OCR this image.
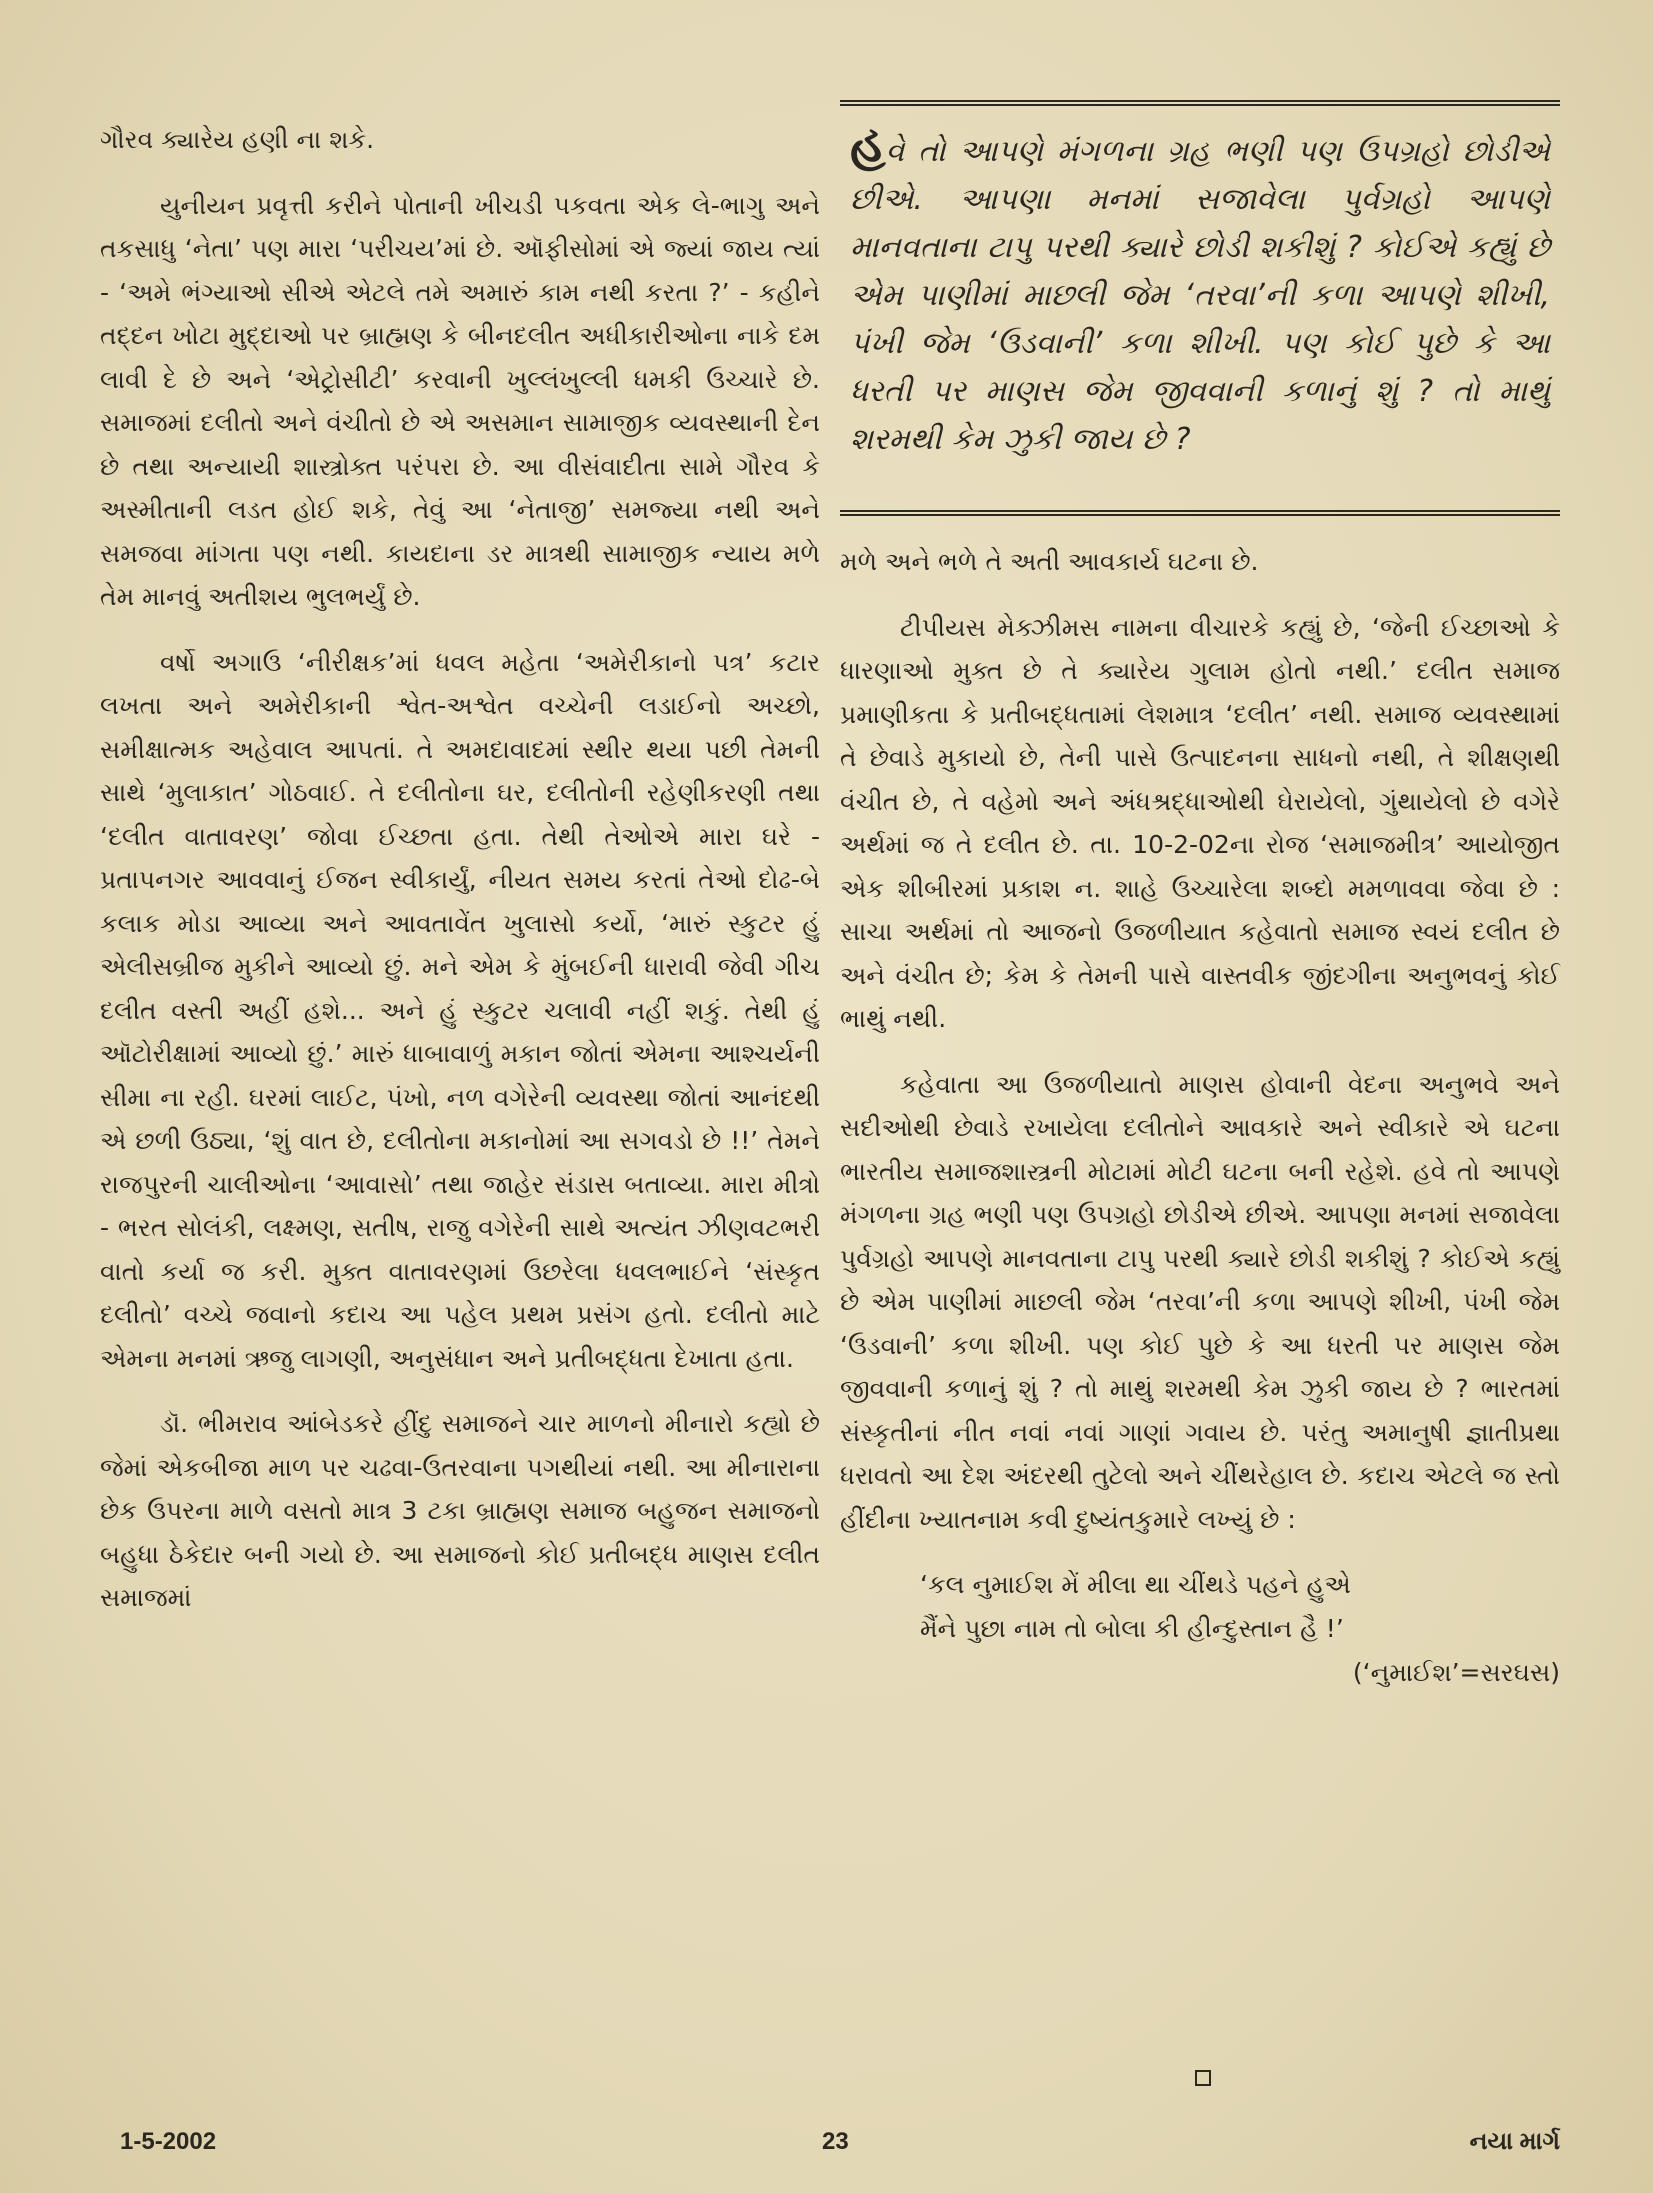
ગૌરવ ક્યારેય હણી ના શકે.

યુનીયન પ્રવૃત્તી કરીને પોતાની ખીચડી પકવતા એક લે-ભાગુ અને તકસાધુ ‘નેતા’ પણ મારા ‘પરીચય’માં છે. ઑફીસોમાં એ જ્યાં જાય ત્યાં - ‘અમે ભંગ્યાઓ સીએ એટલે તમે અમારું કામ નથી કરતા ?’ - કહીને તદ્દન ખોટા મુદ્દાઓ પર બ્રાહ્મણ કે બીનદલીત અધીકારીઓના નાકે દમ લાવી દે છે અને ‘એટ્રોસીટી’ કરવાની ખુલ્લંખુલ્લી ધમકી ઉચ્ચારે છે. સમાજમાં દલીતો અને વંચીતો છે એ અસમાન સામાજીક વ્યવસ્થાની દેન છે તથા અન્યાયી શાસ્ત્રોક્ત પરંપરા છે. આ વીસંવાદીતા સામે ગૌરવ કે અસ્મીતાની લડત હોઈ શકે, તેવું આ ‘નેતાજી’ સમજ્યા નથી અને સમજવા માંગતા પણ નથી. કાયદાના ડર માત્રથી સામાજીક ન્યાય મળે તેમ માનવું અતીશય ભુલભર્યું છે.

વર્ષો અગાઉ ‘નીરીક્ષક’માં ધવલ મહેતા ‘અમેરીકાનો પત્ર’ કટાર લખતા અને અમેરીકાની શ્વેત-અશ્વેત વચ્ચેની લડાઈનો અચ્છો, સમીક્ષાત્મક અહેવાલ આપતાં. તે અમદાવાદમાં સ્થીર થયા પછી તેમની સાથે ‘મુલાકાત’ ગોઠવાઈ. તે દલીતોના ઘર, દલીતોની રહેણીકરણી તથા ‘દલીત વાતાવરણ’ જોવા ઈચ્છતા હતા. તેથી તેઓએ મારા ઘરે - પ્રતાપનગર આવવાનું ઈજન સ્વીકાર્યું, નીયત સમય કરતાં તેઓ દોઢ-બે કલાક મોડા આવ્યા અને આવતાવેંત ખુલાસો કર્યો, ‘મારું સ્કુટર હું એલીસબ્રીજ મુકીને આવ્યો છું. મને એમ કે મુંબઈની ધારાવી જેવી ગીચ દલીત વસ્તી અહીં હશે... અને હું સ્કુટર ચલાવી નહીં શકું. તેથી હું ઑટોરીક્ષામાં આવ્યો છું.’ મારું ધાબાવાળું મકાન જોતાં એમના આશ્ચર્યની સીમા ના રહી. ઘરમાં લાઈટ, પંખો, નળ વગેરેની વ્યવસ્થા જોતાં આનંદથી એ છળી ઉઠ્યા, ‘શું વાત છે, દલીતોના મકાનોમાં આ સગવડો છે !!’ તેમને રાજપુરની ચાલીઓના ‘આવાસો’ તથા જાહેર સંડાસ બતાવ્યા. મારા મીત્રો - ભરત સોલંકી, લક્ષ્મણ, સતીષ, રાજુ વગેરેની સાથે અત્યંત ઝીણવટભરી વાતો કર્યા જ કરી. મુક્ત વાતાવરણમાં ઉછરેલા ધવલભાઈને ‘સંસ્કૃત દલીતો’ વચ્ચે જવાનો કદાચ આ પહેલ પ્રથમ પ્રસંગ હતો. દલીતો માટે એમના મનમાં ઋજુ લાગણી, અનુસંધાન અને પ્રતીબદ્ધતા દેખાતા હતા.

ડૉ. ભીમરાવ આંબેડકરે હીંદુ સમાજને ચાર માળનો મીનારો કહ્યો છે જેમાં એકબીજા માળ પર ચઢવા-ઉતરવાના પગથીયાં નથી. આ મીનારાના છેક ઉપરના માળે વસતો માત્ર 3 ટકા બ્રાહ્મણ સમાજ બહુજન સમાજનો બહુધા ઠેકેદાર બની ગયો છે. આ સમાજનો કોઈ પ્રતીબદ્ધ માણસ દલીત સમાજમાં

હવે તો આપણે મંગળના ગ્રહ ભણી પણ ઉપગ્રહો છોડીએ છીએ. આપણા મનમાં સજાવેલા પુર્વગ્રહો આપણે માનવતાના ટાપુ પરથી ક્યારે છોડી શકીશું ? કોઈએ કહ્યું છે એમ પાણીમાં માછલી જેમ ‘તરવા’ની કળા આપણે શીખી, પંખી જેમ ‘ઉડવાની’ કળા શીખી. પણ કોઈ પુછે કે આ ધરતી પર માણસ જેમ જીવવાની કળાનું શું ? તો માથું શરમથી કેમ ઝુકી જાય છે ?

મળે અને ભળે તે અતી આવકાર્ય ઘટના છે.

ટીપીયસ મેક્ઝીમસ નામના વીચારકે કહ્યું છે, ‘જેની ઈચ્છાઓ કે ધારણાઓ મુક્ત છે તે ક્યારેય ગુલામ હોતો નથી.’ દલીત સમાજ પ્રમાણીકતા કે પ્રતીબદ્ધતામાં લેશમાત્ર ‘દલીત’ નથી. સમાજ વ્યવસ્થામાં તે છેવાડે મુકાયો છે, તેની પાસે ઉત્પાદનના સાધનો નથી, તે શીક્ષણથી વંચીત છે, તે વહેમો અને અંધશ્રદ્ધાઓથી ઘેરાયેલો, ગુંથાયેલો છે વગેરે અર્થમાં જ તે દલીત છે. તા. 10-2-02ના રોજ ‘સમાજમીત્ર’ આયોજીત એક શીબીરમાં પ્રકાશ ન. શાહે ઉચ્ચારેલા શબ્દો મમળાવવા જેવા છે : સાચા અર્થમાં તો આજનો ઉજળીયાત કહેવાતો સમાજ સ્વયં દલીત છે અને વંચીત છે; કેમ કે તેમની પાસે વાસ્તવીક જીંદગીના અનુભવનું કોઈ ભાથું નથી.

કહેવાતા આ ઉજળીયાતો માણસ હોવાની વેદના અનુભવે અને સદીઓથી છેવાડે રખાયેલા દલીતોને આવકારે અને સ્વીકારે એ ઘટના ભારતીય સમાજશાસ્ત્રની મોટામાં મોટી ઘટના બની રહેશે. હવે તો આપણે મંગળના ગ્રહ ભણી પણ ઉપગ્રહો છોડીએ છીએ. આપણા મનમાં સજાવેલા પુર્વગ્રહો આપણે માનવતાના ટાપુ પરથી ક્યારે છોડી શકીશું ? કોઈએ કહ્યું છે એમ પાણીમાં માછલી જેમ ‘તરવા’ની કળા આપણે શીખી, પંખી જેમ ‘ઉડવાની’ કળા શીખી. પણ કોઈ પુછે કે આ ધરતી પર માણસ જેમ જીવવાની કળાનું શું ? તો માથું શરમથી કેમ ઝુકી જાય છે ? ભારતમાં સંસ્કૃતીનાં નીત નવાં નવાં ગાણાં ગવાય છે. પરંતુ અમાનુષી જ્ઞાતીપ્રથા ધરાવતો આ દેશ અંદરથી તુટેલો અને ચીંથરેહાલ છે. કદાચ એટલે જ સ્તો હીંદીના ખ્યાતનામ કવી દુષ્યંતકુમારે લખ્યું છે :

‘કલ નુમાઈશ મેં મીલા થા ચીંથડે પહને હુએ
મૈંને પુછા નામ તો બોલા કી હીન્દુસ્તાન હૈ !’
(‘નુમાઈશ’=સરઘસ)
1-5-2002	23	નયા માર્ગ
